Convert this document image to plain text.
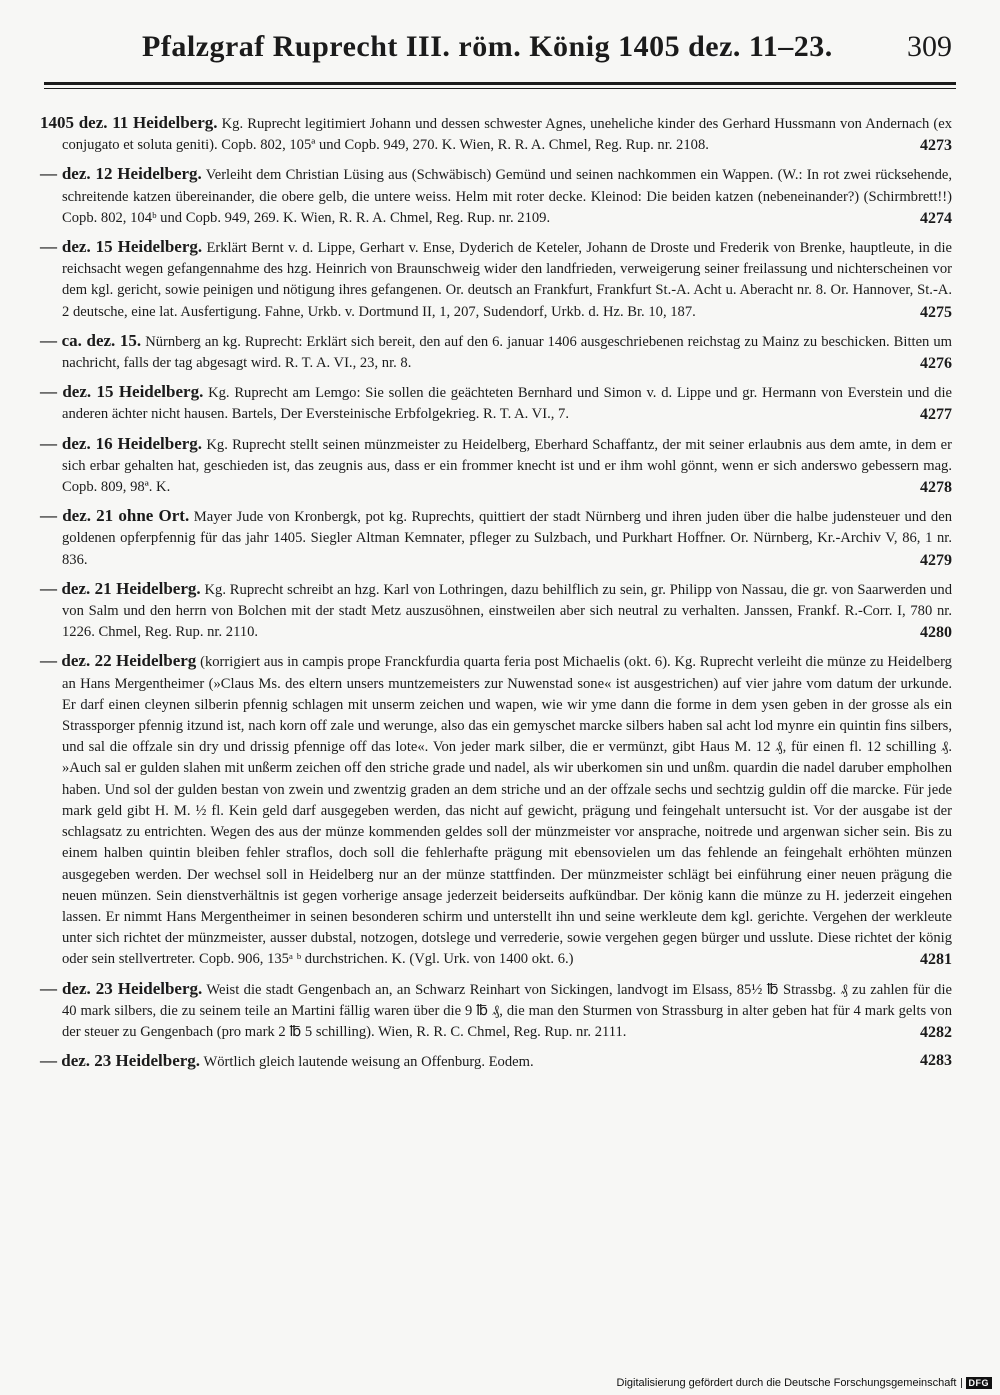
Pfalzgraf Ruprecht III. röm. König 1405 dez. 11–23. 309

1405 dez. 11 Heidelberg. Kg. Ruprecht legitimiert Johann und dessen schwester Agnes, uneheliche kinder des Gerhard Hussmann von Andernach (ex conjugato et soluta geniti). Copb. 802, 105ª und Copb. 949, 270. K. Wien, R. R. A. Chmel, Reg. Rup. nr. 2108.	4273

— dez. 12 Heidelberg. Verleiht dem Christian Lüsing aus (Schwäbisch) Gemünd und seinen nachkommen ein Wappen. (W.: In rot zwei rücksehende, schreitende katzen übereinander, die obere gelb, die untere weiss. Helm mit roter decke. Kleinod: Die beiden katzen (nebeneinander?) (Schirmbrett!!) Copb. 802, 104ᵇ und Copb. 949, 269. K. Wien, R. R. A. Chmel, Reg. Rup. nr. 2109.	4274

— dez. 15 Heidelberg. Erklärt Bernt v. d. Lippe, Gerhart v. Ense, Dyderich de Keteler, Johann de Droste und Frederik von Brenke, hauptleute, in die reichsacht wegen gefangennahme des hzg. Heinrich von Braunschweig wider den landfrieden, verweigerung seiner freilassung und nichterscheinen vor dem kgl. gericht, sowie peinigen und nötigung ihres gefangenen. Or. deutsch an Frankfurt, Frankfurt St.-A. Acht u. Aberacht nr. 8. Or. Hannover, St.-A. 2 deutsche, eine lat. Ausfertigung. Fahne, Urkb. v. Dortmund II, 1, 207, Sudendorf, Urkb. d. Hz. Br. 10, 187.	4275

— ca. dez. 15. Nürnberg an kg. Ruprecht: Erklärt sich bereit, den auf den 6. januar 1406 ausgeschriebenen reichstag zu Mainz zu beschicken. Bitten um nachricht, falls der tag abgesagt wird. R. T. A. VI., 23, nr. 8.	4276

— dez. 15 Heidelberg. Kg. Ruprecht am Lemgo: Sie sollen die geächteten Bernhard und Simon v. d. Lippe und gr. Hermann von Everstein und die anderen ächter nicht hausen. Bartels, Der Eversteinische Erbfolgekrieg. R. T. A. VI., 7.	4277

— dez. 16 Heidelberg. Kg. Ruprecht stellt seinen münzmeister zu Heidelberg, Eberhard Schaffantz, der mit seiner erlaubnis aus dem amte, in dem er sich erbar gehalten hat, geschieden ist, das zeugnis aus, dass er ein frommer knecht ist und er ihm wohl gönnt, wenn er sich anderswo gebessern mag. Copb. 809, 98ª. K.	4278

— dez. 21 ohne Ort. Mayer Jude von Kronbergk, pot kg. Ruprechts, quittiert der stadt Nürnberg und ihren juden über die halbe judensteuer und den goldenen opferpfennig für das jahr 1405. Siegler Altman Kemnater, pfleger zu Sulzbach, und Purkhart Hoffner. Or. Nürnberg, Kr.-Archiv V, 86, 1 nr. 836.	4279

— dez. 21 Heidelberg. Kg. Ruprecht schreibt an hzg. Karl von Lothringen, dazu behilflich zu sein, gr. Philipp von Nassau, die gr. von Saarwerden und von Salm und den herrn von Bolchen mit der stadt Metz auszusöhnen, einstweilen aber sich neutral zu verhalten. Janssen, Frankf. R.-Corr. I, 780 nr. 1226. Chmel, Reg. Rup. nr. 2110.	4280

— dez. 22 Heidelberg (korrigiert aus in campis prope Franckfurdia quarta feria post Michaelis (okt. 6). Kg. Ruprecht verleiht die münze zu Heidelberg an Hans Mergentheimer (»Claus Ms. des eltern unsers muntzemeisters zur Nuwenstad sone« ist ausgestrichen) auf vier jahre vom datum der urkunde. Er darf einen cleynen silberin pfennig schlagen mit unserm zeichen und wapen, wie wir yme dann die forme in dem ysen geben in der grosse als ein Strassporger pfennig itzund ist, nach korn off zale und werunge, also das ein gemyschet marcke silbers haben sal acht lod mynre ein quintin fins silbers, und sal die offzale sin dry und drissig pfennige off das lote«. Von jeder mark silber, die er vermünzt, gibt Haus M. 12 ₰, für einen fl. 12 schilling ₰. »Auch sal er gulden slahen mit unßerm zeichen off den striche grade und nadel, als wir uberkomen sin und unßm. quardin die nadel daruber empholhen haben. Und sol der gulden bestan von zwein und zwentzig graden an dem striche und an der offzale sechs und sechtzig guldin off die marcke. Für jede mark geld gibt H. M. ½ fl. Kein geld darf ausgegeben werden, das nicht auf gewicht, prägung und feingehalt untersucht ist. Vor der ausgabe ist der schlagsatz zu entrichten. Wegen des aus der münze kommenden geldes soll der münzmeister vor ansprache, noitrede und argenwan sicher sein. Bis zu einem halben quintin bleiben fehler straflos, doch soll die fehlerhafte prägung mit ebensovielen um das fehlende an feingehalt erhöhten münzen ausgegeben werden. Der wechsel soll in Heidelberg nur an der münze stattfinden. Der münzmeister schlägt bei einführung einer neuen prägung die neuen münzen. Sein dienstverhältnis ist gegen vorherige ansage jederzeit beiderseits aufkündbar. Der könig kann die münze zu H. jederzeit eingehen lassen. Er nimmt Hans Mergentheimer in seinen besonderen schirm und unterstellt ihn und seine werkleute dem kgl. gerichte. Vergehen der werkleute unter sich richtet der münzmeister, ausser dubstal, notzogen, dotslege und verrederie, sowie vergehen gegen bürger und usslute. Diese richtet der könig oder sein stellvertreter. Copb. 906, 135ᵃ ᵇ durchstrichen. K. (Vgl. Urk. von 1400 okt. 6.)	4281

— dez. 23 Heidelberg. Weist die stadt Gengenbach an, an Schwarz Reinhart von Sickingen, landvogt im Elsass, 85½ ℔ Strassbg. ₰ zu zahlen für die 40 mark silbers, die zu seinem teile an Martini fällig waren über die 9 ℔ ₰, die man den Sturmen von Strassburg in alter geben hat für 4 mark gelts von der steuer zu Gengenbach (pro mark 2 ℔ 5 schilling). Wien, R. R. C. Chmel, Reg. Rup. nr. 2111.	4282

— dez. 23 Heidelberg. Wörtlich gleich lautende weisung an Offenburg. Eodem.	4283

Digitalisierung gefördert durch die Deutsche Forschungsgemeinschaft	DFG
